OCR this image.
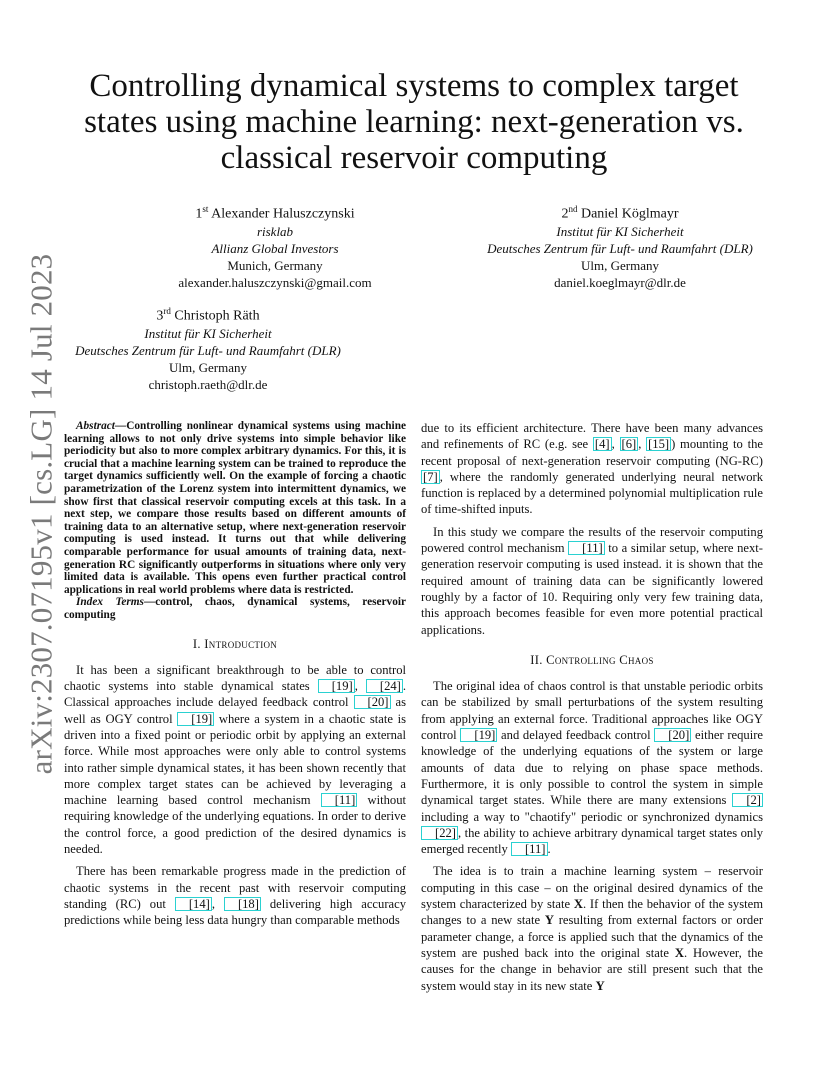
arXiv:2307.07195v1 [cs.LG] 14 Jul 2023
Controlling dynamical systems to complex target states using machine learning: next-generation vs. classical reservoir computing
1st Alexander Haluszczynski
risklab
Allianz Global Investors
Munich, Germany
alexander.haluszczynski@gmail.com
2nd Daniel Köglmayr
Institut für KI Sicherheit
Deutsches Zentrum für Luft- und Raumfahrt (DLR)
Ulm, Germany
daniel.koeglmayr@dlr.de
3rd Christoph Räth
Institut für KI Sicherheit
Deutsches Zentrum für Luft- und Raumfahrt (DLR)
Ulm, Germany
christoph.raeth@dlr.de

Abstract—Controlling nonlinear dynamical systems using machine learning allows to not only drive systems into simple behavior like periodicity but also to more complex arbitrary dynamics. For this, it is crucial that a machine learning system can be trained to reproduce the target dynamics sufficiently well. On the example of forcing a chaotic parametrization of the Lorenz system into intermittent dynamics, we show first that classical reservoir computing excels at this task. In a next step, we compare those results based on different amounts of training data to an alternative setup, where next-generation reservoir computing is used instead. It turns out that while delivering comparable performance for usual amounts of training data, next-generation RC significantly outperforms in situations where only very limited data is available. This opens even further practical control applications in real world problems where data is restricted.

Index Terms—control, chaos, dynamical systems, reservoir computing

I. Introduction

It has been a significant breakthrough to be able to control chaotic systems into stable dynamical states [19] , [24] . Classical approaches include delayed feedback control [20] as well as OGY control [19] where a system in a chaotic state is driven into a fixed point or periodic orbit by applying an external force. While most approaches were only able to control systems into rather simple dynamical states, it has been shown recently that more complex target states can be achieved by leveraging a machine learning based control mechanism [11] without requiring knowledge of the underlying equations. In order to derive the control force, a good prediction of the desired dynamics is needed.

There has been remarkable progress made in the prediction of chaotic systems in the recent past with reservoir computing standing (RC) out [14] , [18] delivering high accuracy predictions while being less data hungry than comparable methods

due to its efficient architecture. There have been many advances and refinements of RC (e.g. see [4] , [6] , [15] ) mounting to the recent proposal of next-generation reservoir computing (NG-RC) [7] , where the randomly generated underlying neural network function is replaced by a determined polynomial multiplication rule of time-shifted inputs.

In this study we compare the results of the reservoir computing powered control mechanism [11] to a similar setup, where next-generation reservoir computing is used instead. it is shown that the required amount of training data can be significantly lowered roughly by a factor of 10. Requiring only very few training data, this approach becomes feasible for even more potential practical applications.

II. Controlling Chaos

The original idea of chaos control is that unstable periodic orbits can be stabilized by small perturbations of the system resulting from applying an external force. Traditional approaches like OGY control [19] and delayed feedback control [20] either require knowledge of the underlying equations of the system or large amounts of data due to relying on phase space methods. Furthermore, it is only possible to control the system in simple dynamical target states. While there are many extensions [2] including a way to "chaotify" periodic or synchronized dynamics [22] , the ability to achieve arbitrary dynamical target states only emerged recently [11] .

The idea is to train a machine learning system – reservoir computing in this case – on the original desired dynamics of the system characterized by state X. If then the behavior of the system changes to a new state Y resulting from external factors or order parameter change, a force is applied such that the dynamics of the system are pushed back into the original state X. However, the causes for the change in behavior are still present such that the system would stay in its new state Y
